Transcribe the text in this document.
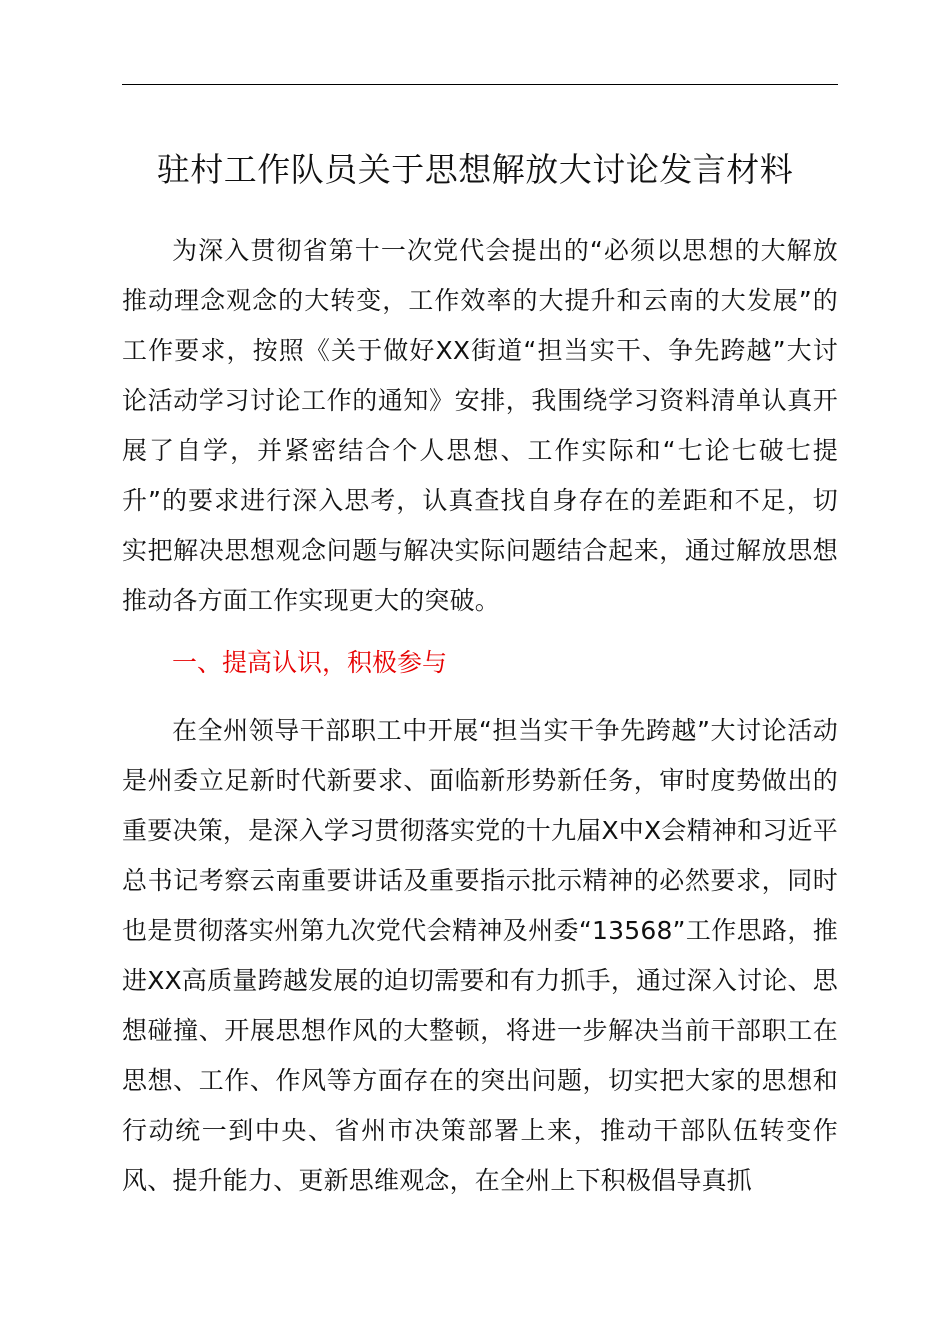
驻村工作队员关于思想解放大讨论发言材料

为深入贯彻省第十一次党代会提出的“必须以思想的大解放推动理念观念的大转变，工作效率的大提升和云南的大发展”的工作要求，按照《关于做好XX街道“担当实干、争先跨越”大讨论活动学习讨论工作的通知》安排，我围绕学习资料清单认真开展了自学，并紧密结合个人思想、工作实际和“七论七破七提升”的要求进行深入思考，认真查找自身存在的差距和不足，切实把解决思想观念问题与解决实际问题结合起来，通过解放思想推动各方面工作实现更大的突破。

一、提高认识，积极参与

在全州领导干部职工中开展“担当实干争先跨越”大讨论活动是州委立足新时代新要求、面临新形势新任务，审时度势做出的重要决策，是深入学习贯彻落实党的十九届X中X会精神和习近平总书记考察云南重要讲话及重要指示批示精神的必然要求，同时也是贯彻落实州第九次党代会精神及州委“13568”工作思路，推进XX高质量跨越发展的迫切需要和有力抓手，通过深入讨论、思想碰撞、开展思想作风的大整顿，将进一步解决当前干部职工在思想、工作、作风等方面存在的突出问题，切实把大家的思想和行动统一到中央、省州市决策部署上来，推动干部队伍转变作风、提升能力、更新思维观念，在全州上下积极倡导真抓
